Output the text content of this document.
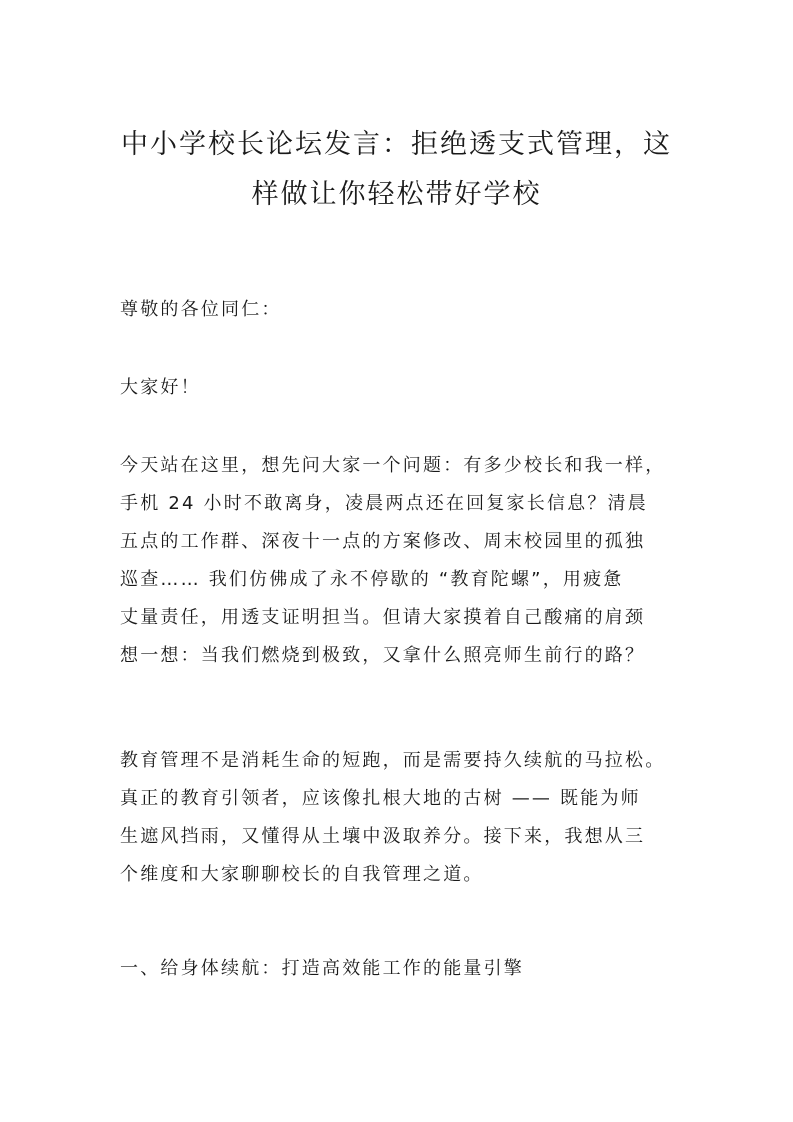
中小学校长论坛发言：拒绝透支式管理，这
样做让你轻松带好学校

尊敬的各位同仁：

大家好！

今天站在这里，想先问大家一个问题：有多少校长和我一样，
手机 24 小时不敢离身，凌晨两点还在回复家长信息？清晨
五点的工作群、深夜十一点的方案修改、周末校园里的孤独
巡查…… 我们仿佛成了永不停歇的 “教育陀螺”，用疲惫
丈量责任，用透支证明担当。但请大家摸着自己酸痛的肩颈
想一想：当我们燃烧到极致，又拿什么照亮师生前行的路？

教育管理不是消耗生命的短跑，而是需要持久续航的马拉松。
真正的教育引领者，应该像扎根大地的古树 —— 既能为师
生遮风挡雨，又懂得从土壤中汲取养分。接下来，我想从三
个维度和大家聊聊校长的自我管理之道。

一、给身体续航：打造高效能工作的能量引擎
